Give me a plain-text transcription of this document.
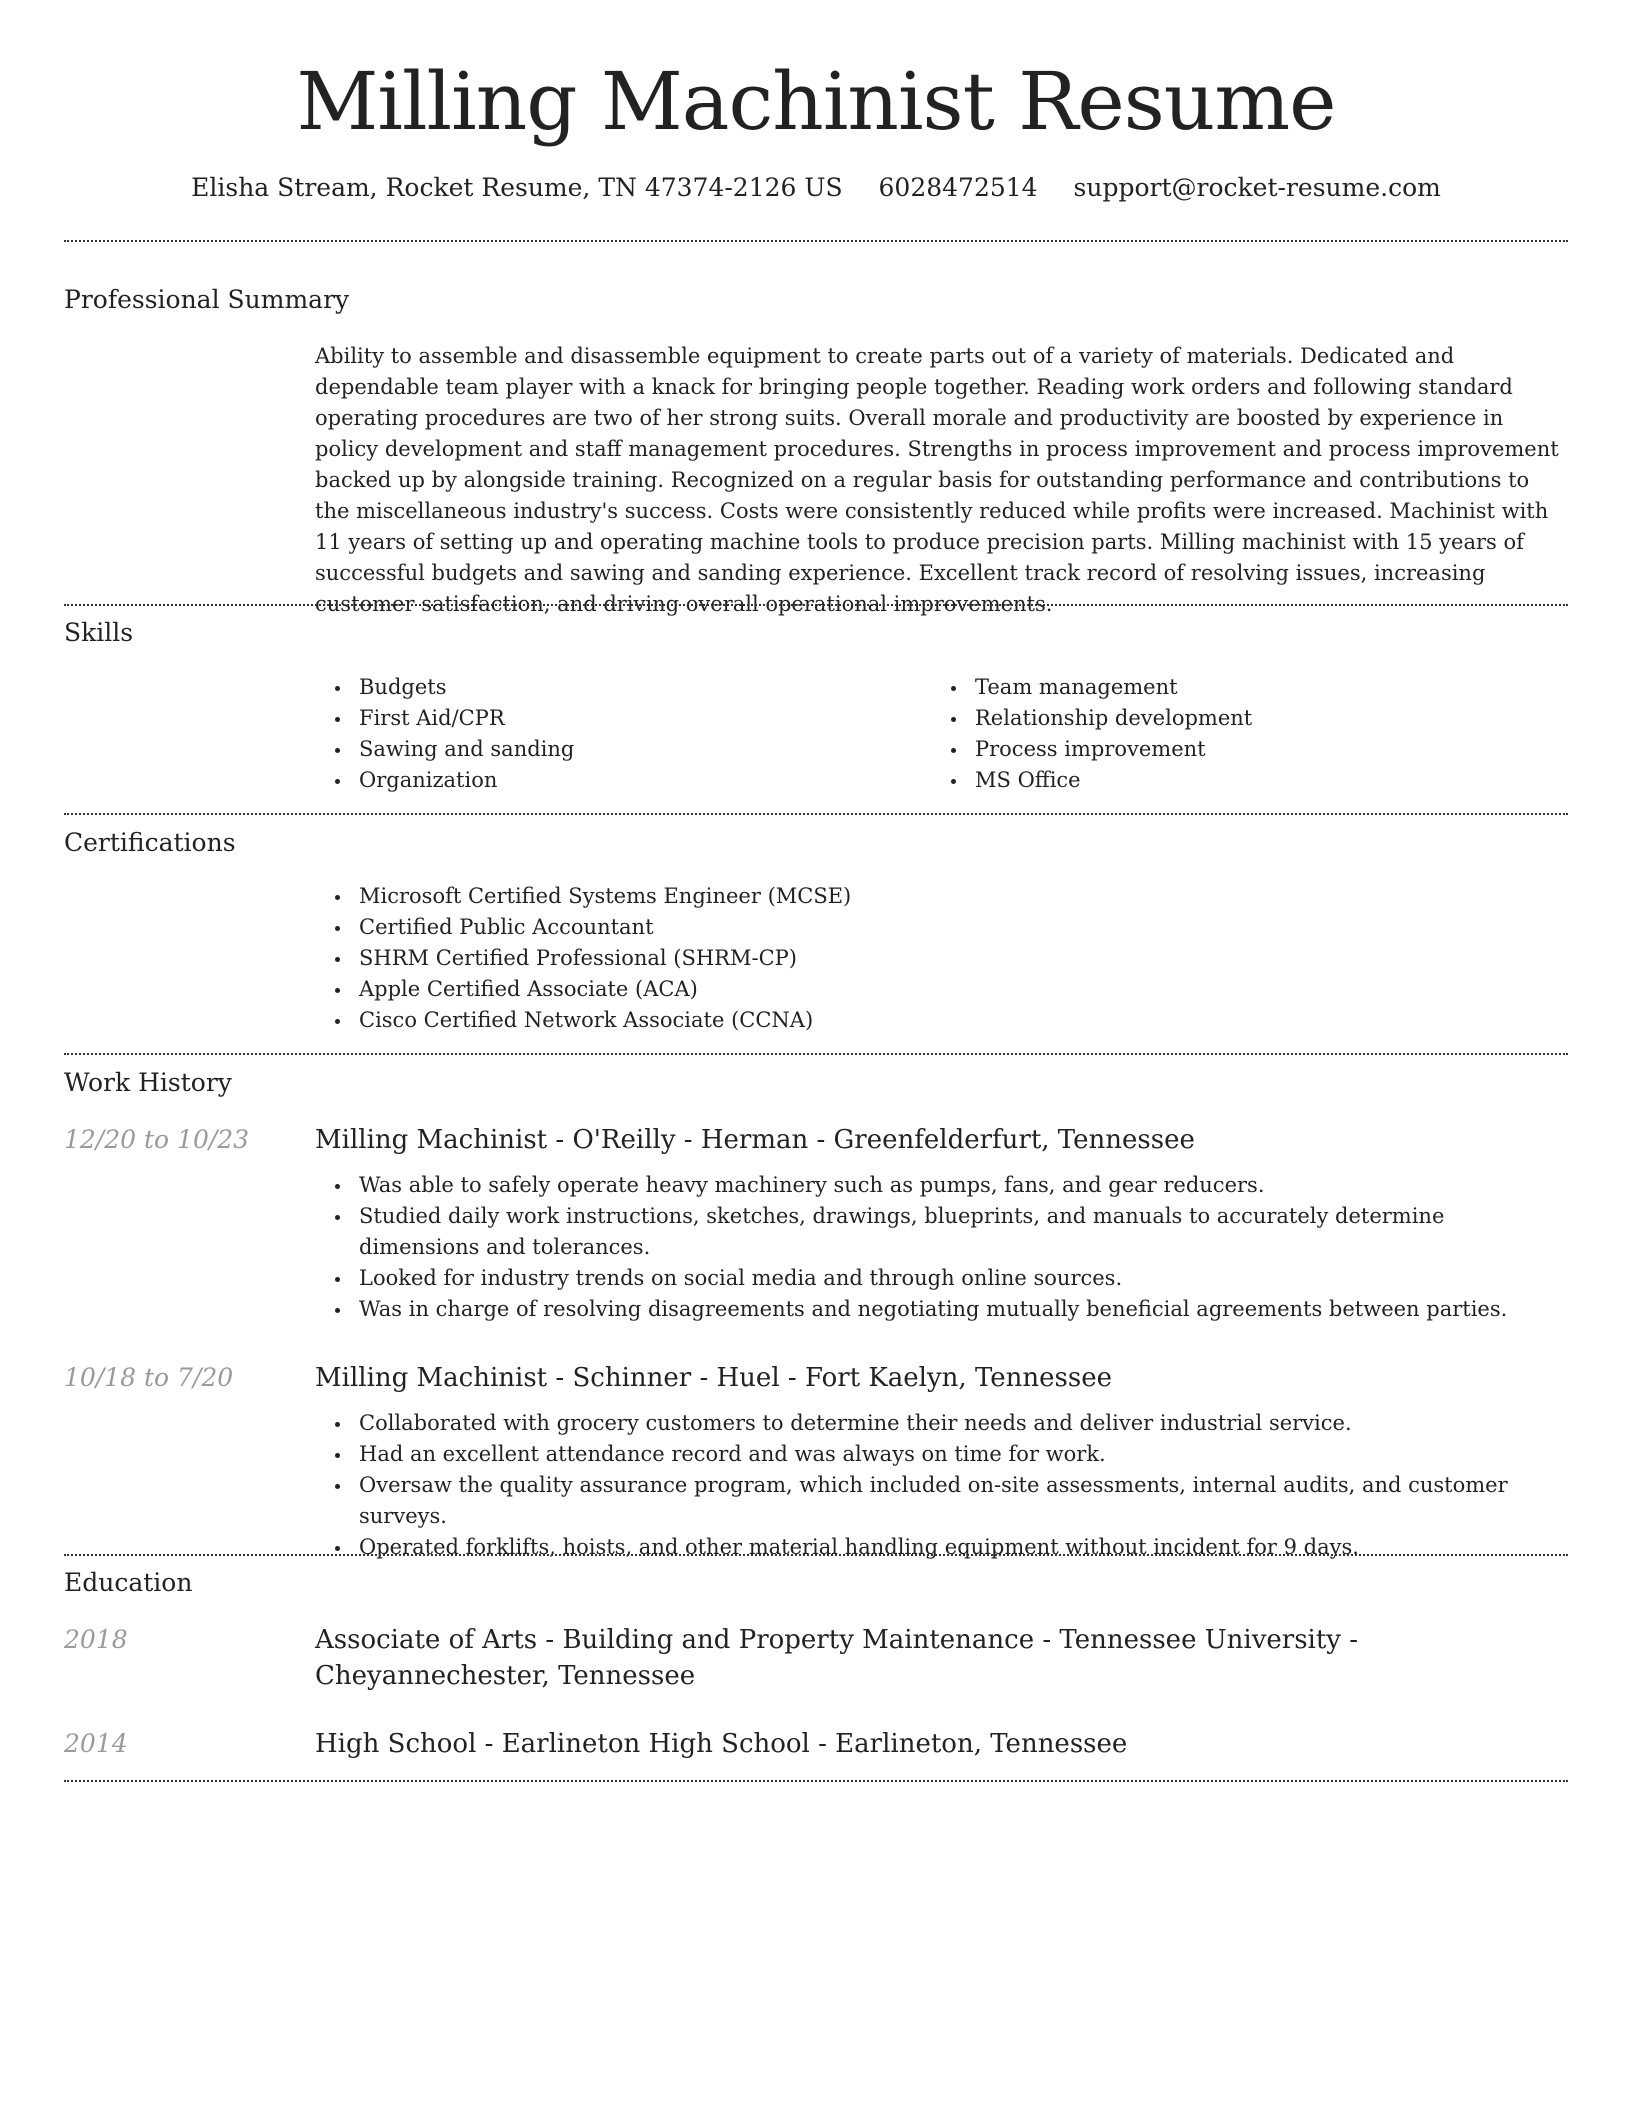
Milling Machinist Resume
Elisha Stream, Rocket Resume, TN 47374-2126 US 6028472514 support@rocket-resume.com
Professional Summary

Ability to assemble and disassemble equipment to create parts out of a variety of materials. Dedicated and dependable team player with a knack for bringing people together. Reading work orders and following standard operating procedures are two of her strong suits. Overall morale and productivity are boosted by experience in policy development and staff management procedures. Strengths in process improvement and process improvement backed up by alongside training. Recognized on a regular basis for outstanding performance and contributions to the miscellaneous industry's success. Costs were consistently reduced while profits were increased. Machinist with 11 years of setting up and operating machine tools to produce precision parts. Milling machinist with 15 years of successful budgets and sawing and sanding experience. Excellent track record of resolving issues, increasing customer satisfaction, and driving overall operational improvements.

Skills
Budgets
First Aid/CPR
Sawing and sanding
Organization
Team management
Relationship development
Process improvement
MS Office
Certifications
Microsoft Certified Systems Engineer (MCSE)
Certified Public Accountant
SHRM Certified Professional (SHRM-CP)
Apple Certified Associate (ACA)
Cisco Certified Network Associate (CCNA)
Work History
12/20 to 10/23	Milling Machinist - O'Reilly - Herman - Greenfelderfurt, Tennessee
Was able to safely operate heavy machinery such as pumps, fans, and gear reducers.
Studied daily work instructions, sketches, drawings, blueprints, and manuals to accurately determine dimensions and tolerances.
Looked for industry trends on social media and through online sources.
Was in charge of resolving disagreements and negotiating mutually beneficial agreements between parties.
10/18 to 7/20	Milling Machinist - Schinner - Huel - Fort Kaelyn, Tennessee
Collaborated with grocery customers to determine their needs and deliver industrial service.
Had an excellent attendance record and was always on time for work.
Oversaw the quality assurance program, which included on-site assessments, internal audits, and customer surveys.
Operated forklifts, hoists, and other material handling equipment without incident for 9 days.
Education
2018	Associate of Arts - Building and Property Maintenance - Tennessee University - Cheyannechester, Tennessee
2014	High School - Earlineton High School - Earlineton, Tennessee
